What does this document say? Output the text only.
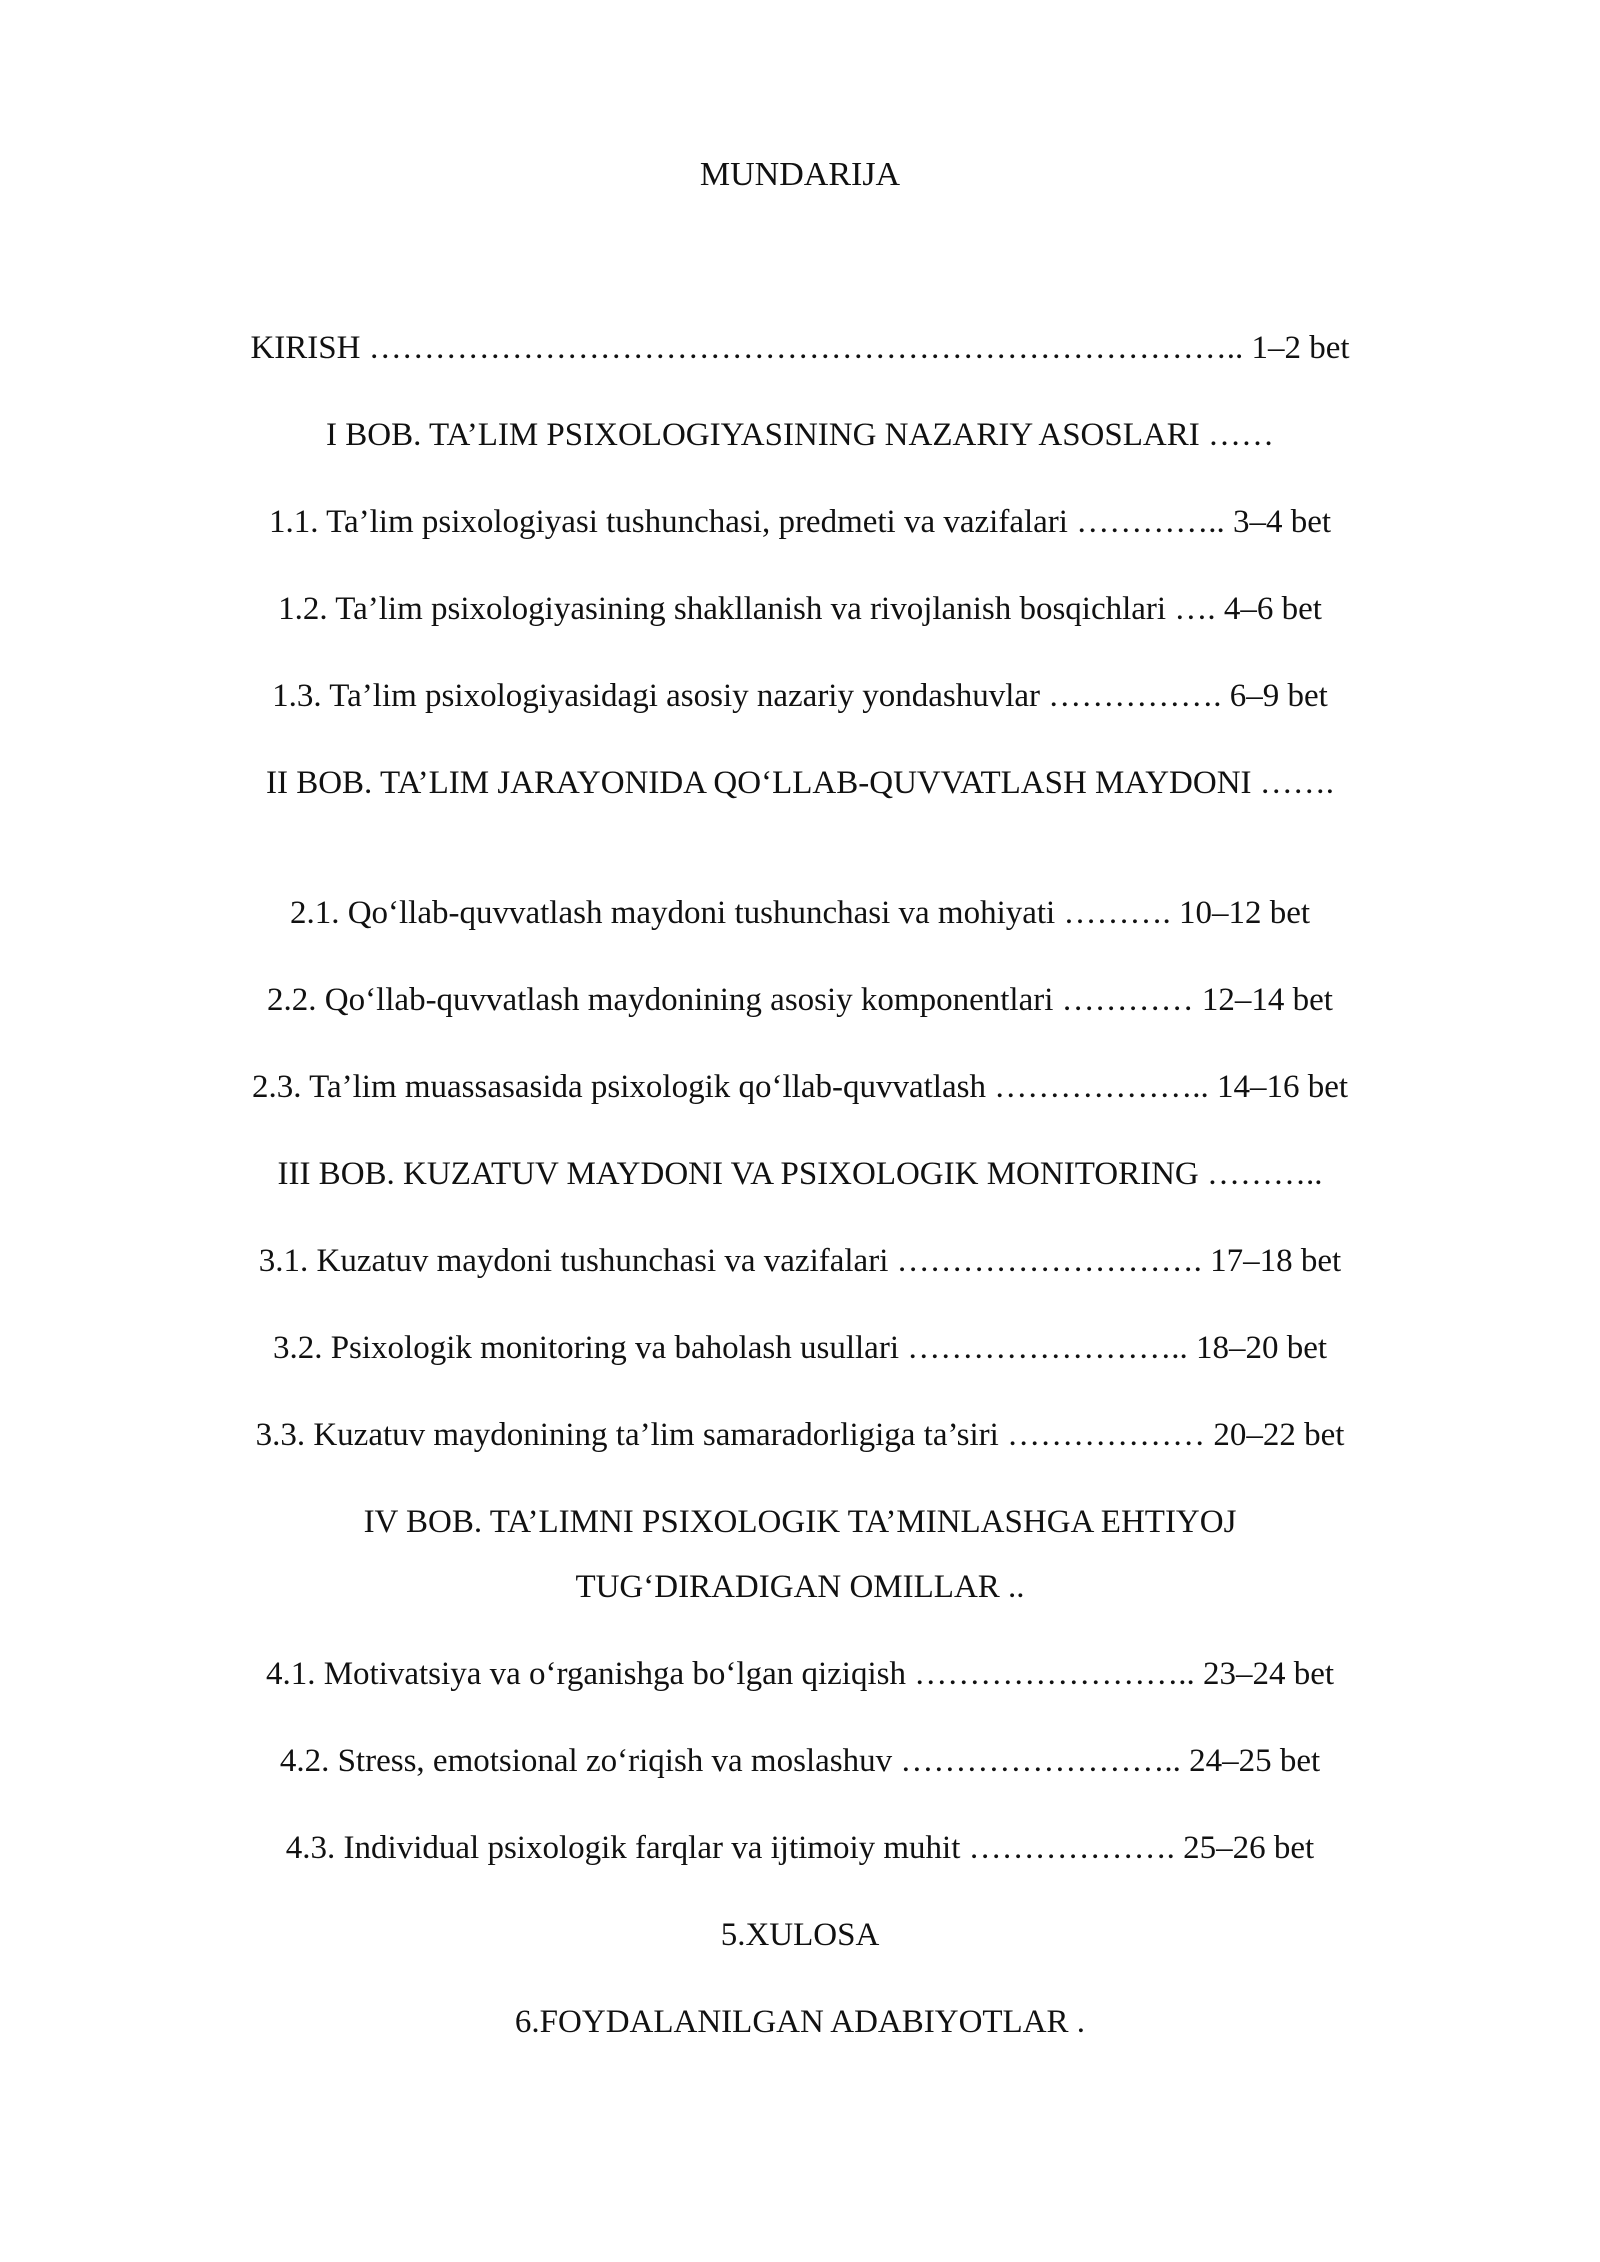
MUNDARIJA
KIRISH …………………………………………………………………….. 1–2 bet
I BOB. TA’LIM PSIXOLOGIYASINING NAZARIY ASOSLARI ……
1.1. Ta’lim psixologiyasi tushunchasi, predmeti va vazifalari ………….. 3–4 bet
1.2. Ta’lim psixologiyasining shakllanish va rivojlanish bosqichlari …. 4–6 bet
1.3. Ta’lim psixologiyasidagi asosiy nazariy yondashuvlar ……………. 6–9 bet
II BOB. TA’LIM JARAYONIDA QO‘LLAB-QUVVATLASH MAYDONI …….
2.1. Qo‘llab-quvvatlash maydoni tushunchasi va mohiyati ………. 10–12 bet
2.2. Qo‘llab-quvvatlash maydonining asosiy komponentlari ………… 12–14 bet
2.3. Ta’lim muassasasida psixologik qo‘llab-quvvatlash ……………….. 14–16 bet
III BOB. KUZATUV MAYDONI VA PSIXOLOGIK MONITORING ………..
3.1. Kuzatuv maydoni tushunchasi va vazifalari ………………………. 17–18 bet
3.2. Psixologik monitoring va baholash usullari …………………….. 18–20 bet
3.3. Kuzatuv maydonining ta’lim samaradorligiga ta’siri ……………… 20–22 bet
IV BOB. TA’LIMNI PSIXOLOGIK TA’MINLASHGA EHTIYOJ
TUG‘DIRADIGAN OMILLAR ..
4.1. Motivatsiya va o‘rganishga bo‘lgan qiziqish …………………….. 23–24 bet
4.2. Stress, emotsional zo‘riqish va moslashuv …………………….. 24–25 bet
4.3. Individual psixologik farqlar va ijtimoiy muhit ………………. 25–26 bet
5.XULOSA
6.FOYDALANILGAN ADABIYOTLAR .
